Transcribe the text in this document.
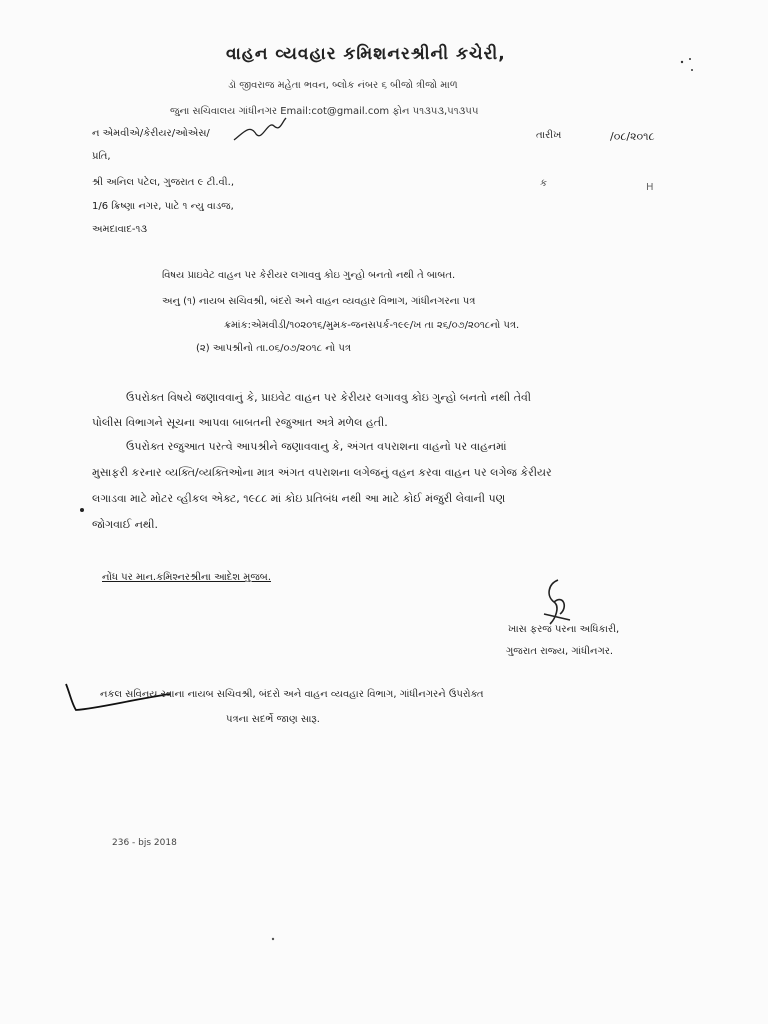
વાહન વ્યવહાર કમિશનરશ્રીની કચેરી,
ડૉ જીવરાજ મહેતા ભવન, બ્લોક નંબર ૬ બીજો ત્રીજો માળ
જુના સચિવાલય ગાંધીનગર Email:cot@gmail.com ફોન ૫૧૩૫૩,૫૧૩૫૫
ન એમવીએ/કેરીયર/ઓએસ/	તારીખ	/૦૮/૨૦૧૮
પ્રતિ,
શ્રી અનિલ પટેલ, ગુજરાત ૯ ટી.વી.,
1/6 ક્રિષ્ણા નગર, પાટે ૧ ન્યુ વાડજ,
અમદાવાદ-૧૩
ક	H
વિષય પ્રાઇવેટ વાહન પર કેરીયર લગાવવુ કોઇ ગુન્હો બનતો નથી તે બાબત.
અનુ (૧) નાયબ સચિવશ્રી, બંદરો અને વાહન વ્યવહાર વિભાગ, ગાંધીનગરના પત્ર
ક્રમાંક:એમવીડી/૧૦૨૦૧૬/મુમક-જનસપર્ક-૧૯૯/ખ તા ૨૬/૦૭/૨૦૧૮નો પત્ર.
(૨) આપશ્રીનો તા.૦૬/૦૭/૨૦૧૮ નો પત્ર
ઉપરોક્ત વિષયે જણાવવાનું કે, પ્રાઇવેટ વાહન પર કેરીયર લગાવવુ કોઇ ગુન્હો બનતો નથી તેવી
પોલીસ વિભાગને સૂચના આપવા બાબતની રજુઆત અત્રે મળેલ હતી.
ઉપરોક્ત રજુઆત પરત્વે આપશ્રીને જણાવવાનુ કે, અંગત વપરાશના વાહનો પર વાહનમાં
મુસાફરી કરનાર વ્યક્તિ/વ્યક્તિઓના માત્ર અંગત વપરાશના લગેજનું વહન કરવા વાહન પર લગેજ કેરીયર
લગાડવા માટે મોટર વ્હીકલ એક્ટ, ૧૯૮૮ માં કોઇ પ્રતિબંધ નથી આ માટે કોઈ મંજુરી લેવાની પણ
જોગવાઈ નથી.
નોંધ પર માન.કમિશ્નરશ્રીના આદેશ મુજબ.
ખાસ ફરજ પરના અધિકારી,
ગુજરાત રાજ્ય, ગાંધીનગર.
નકલ સવિનય રવાના નાયબ સચિવશ્રી, બંદરો અને વાહન વ્યવહાર વિભાગ, ગાંધીનગરને ઉપરોક્ત
પત્રના સદર્ભે જાણ સારૂ.
236 - bjs 2018
